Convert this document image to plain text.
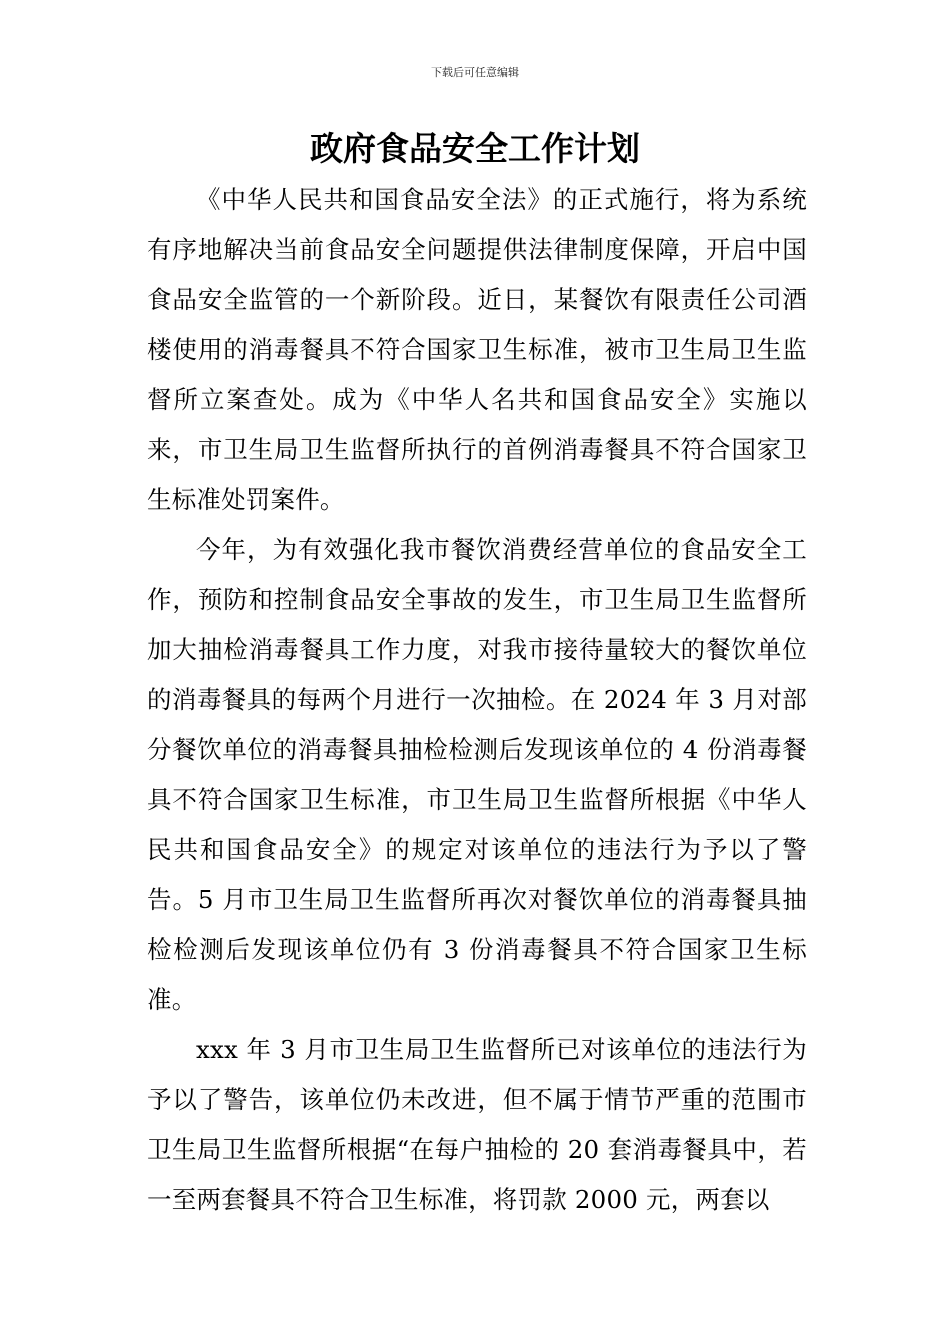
下载后可任意编辑
政府食品安全工作计划

《中华人民共和国食品安全法》的正式施行，将为系统有序地解决当前食品安全问题提供法律制度保障，开启中国食品安全监管的一个新阶段。近日，某餐饮有限责任公司酒楼使用的消毒餐具不符合国家卫生标准，被市卫生局卫生监督所立案查处。成为《中华人名共和国食品安全》实施以来，市卫生局卫生监督所执行的首例消毒餐具不符合国家卫生标准处罚案件。

今年，为有效强化我市餐饮消费经营单位的食品安全工作，预防和控制食品安全事故的发生，市卫生局卫生监督所加大抽检消毒餐具工作力度，对我市接待量较大的餐饮单位的消毒餐具的每两个月进行一次抽检。在 2024 年 3 月对部分餐饮单位的消毒餐具抽检检测后发现该单位的 4 份消毒餐具不符合国家卫生标准，市卫生局卫生监督所根据《中华人民共和国食品安全》的规定对该单位的违法行为予以了警告。5 月市卫生局卫生监督所再次对餐饮单位的消毒餐具抽检检测后发现该单位仍有 3 份消毒餐具不符合国家卫生标准。

xxx 年 3 月市卫生局卫生监督所已对该单位的违法行为予以了警告，该单位仍未改进，但不属于情节严重的范围市卫生局卫生监督所根据“在每户抽检的 20 套消毒餐具中，若一至两套餐具不符合卫生标准，将罚款 2000 元，两套以
